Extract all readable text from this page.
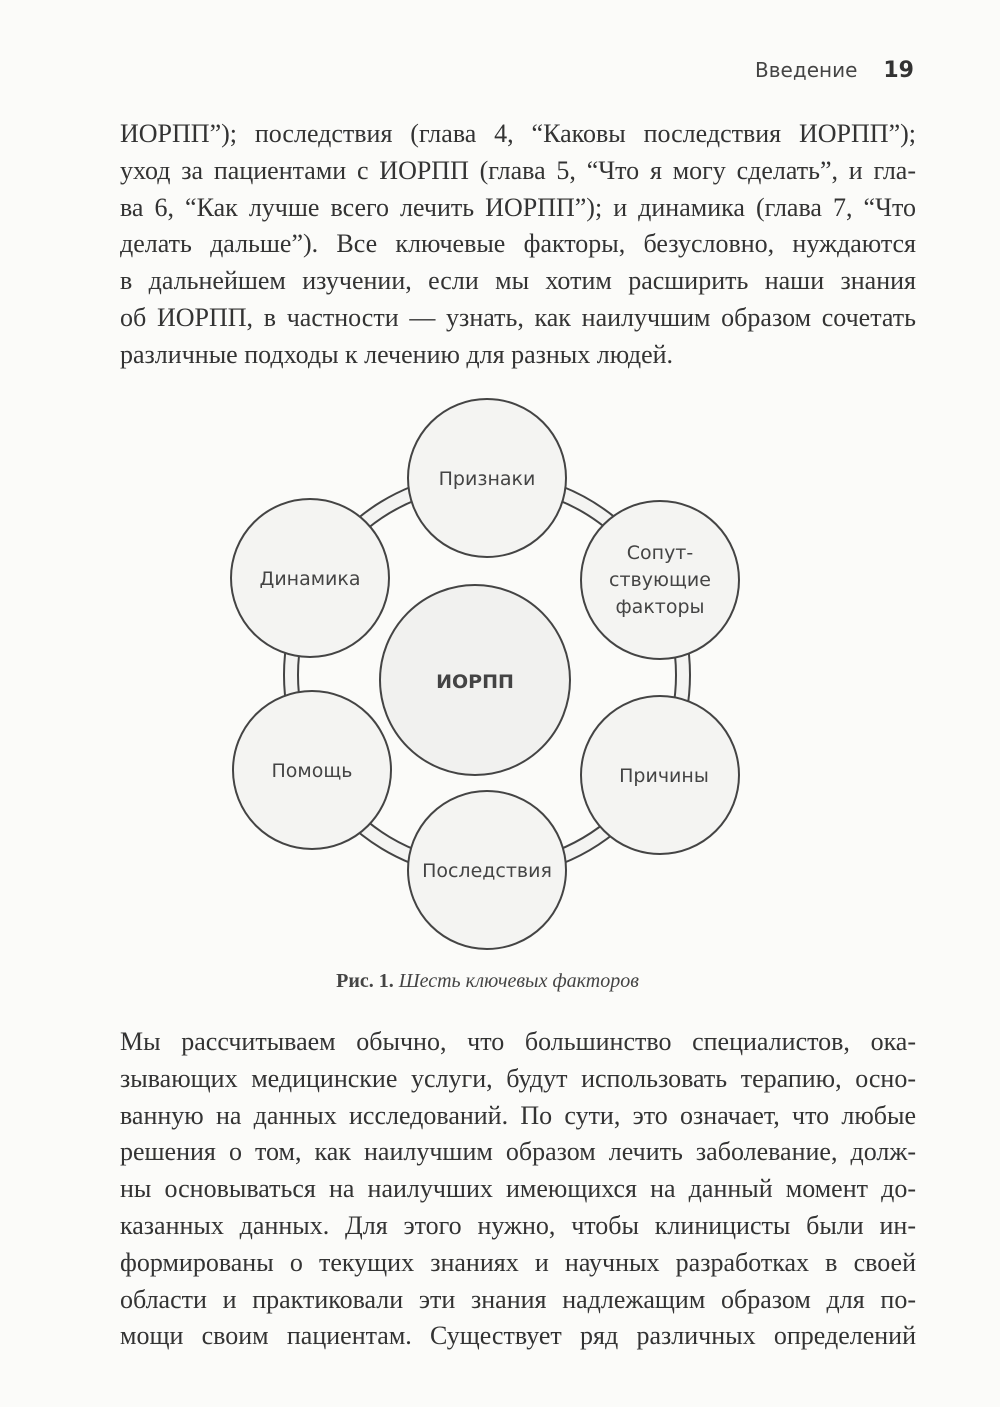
Введение 19
ИОРПП”); последствия (глава 4, “Каковы последствия ИОРПП”);
уход за пациентами с ИОРПП (глава 5, “Что я могу сделать”, и гла-
ва 6, “Как лучше всего лечить ИОРПП”); и динамика (глава 7, “Что
делать дальше”). Все ключевые факторы, безусловно, нуждаются
в дальнейшем изучении, если мы хотим расширить наши знания
об ИОРПП, в частности — узнать, как наилучшим образом сочетать
различные подходы к лечению для разных людей.
ИОРПП
Признаки
Сопут-
ствующие
факторы
Причины
Последствия
Помощь
Динамика
Рис. 1. Шесть ключевых факторов
Мы рассчитываем обычно, что большинство специалистов, ока-
зывающих медицинские услуги, будут использовать терапию, осно-
ванную на данных исследований. По сути, это означает, что любые
решения о том, как наилучшим образом лечить заболевание, долж-
ны основываться на наилучших имеющихся на данный момент до-
казанных данных. Для этого нужно, чтобы клиницисты были ин-
формированы о текущих знаниях и научных разработках в своей
области и практиковали эти знания надлежащим образом для по-
мощи своим пациентам. Существует ряд различных определений
